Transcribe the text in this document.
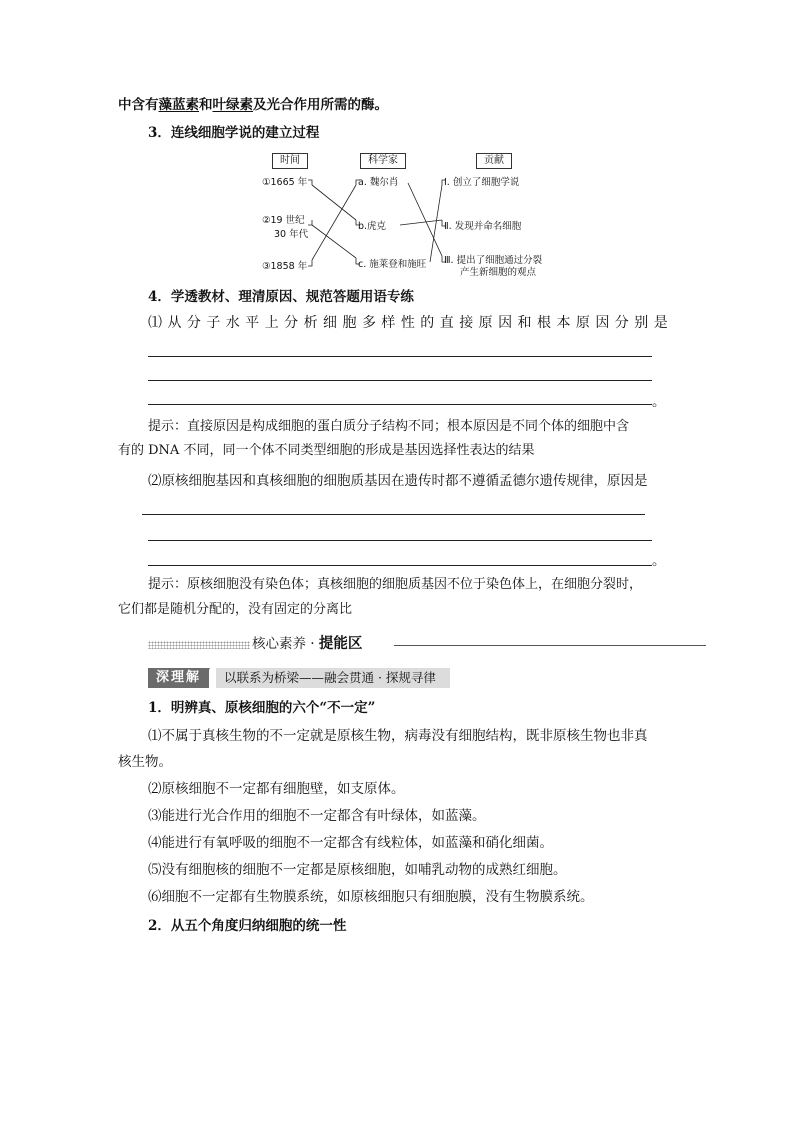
中含有藻蓝素和叶绿素及光合作用所需的酶。
3．连线细胞学说的建立过程
时间	科学家	贡献
①1665 年
②19 世纪
30 年代
③1858 年
a. 魏尔肖
b.虎克
c. 施莱登和施旺
Ⅰ. 创立了细胞学说
Ⅱ. 发现并命名细胞
Ⅲ. 提出了细胞通过分裂
产生新细胞的观点
4．学透教材、理清原因、规范答题用语专练
⑴ 从 分 子 水 平 上 分 析 细 胞 多 样 性 的 直 接 原 因 和 根 本 原 因 分 别 是
。
提示：直接原因是构成细胞的蛋白质分子结构不同；根本原因是不同个体的细胞中含
有的 DNA 不同，同一个体不同类型细胞的形成是基因选择性表达的结果
⑵原核细胞基因和真核细胞的细胞质基因在遗传时都不遵循孟德尔遗传规律，原因是
。
提示：原核细胞没有染色体；真核细胞的细胞质基因不位于染色体上，在细胞分裂时，
它们都是随机分配的，没有固定的分离比
核心素养 · 提能区
深理解	以联系为桥梁——融会贯通 · 探规寻律
1．明辨真、原核细胞的六个“不一定”
⑴不属于真核生物的不一定就是原核生物，病毒没有细胞结构，既非原核生物也非真
核生物。
⑵原核细胞不一定都有细胞壁，如支原体。
⑶能进行光合作用的细胞不一定都含有叶绿体，如蓝藻。
⑷能进行有氧呼吸的细胞不一定都含有线粒体，如蓝藻和硝化细菌。
⑸没有细胞核的细胞不一定都是原核细胞，如哺乳动物的成熟红细胞。
⑹细胞不一定都有生物膜系统，如原核细胞只有细胞膜，没有生物膜系统。
2．从五个角度归纳细胞的统一性
